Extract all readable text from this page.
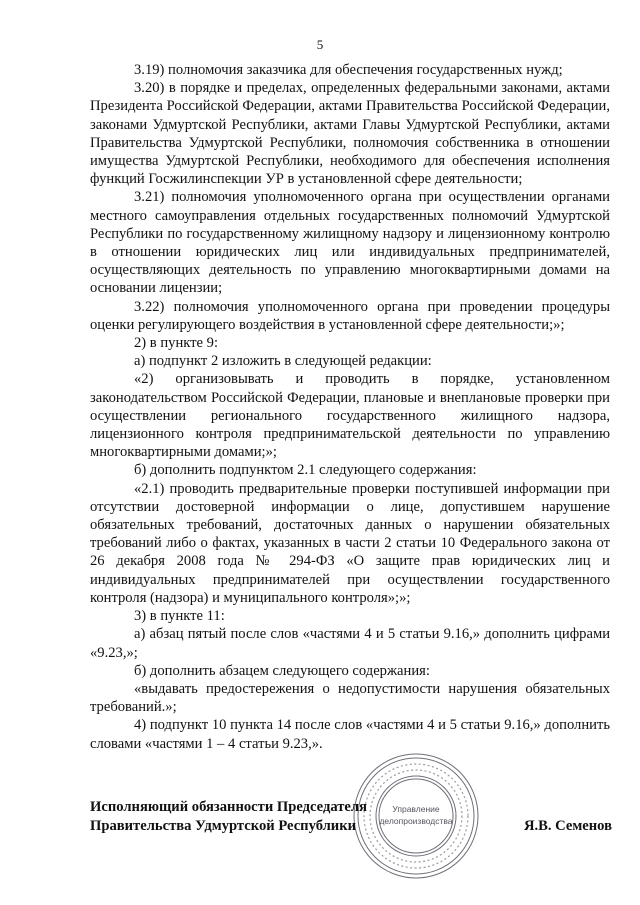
5

3.19) полномочия заказчика для обеспечения государственных нужд;

3.20) в порядке и пределах, определенных федеральными законами, актами Президента Российской Федерации, актами Правительства Российской Федерации, законами Удмуртской Республики, актами Главы Удмуртской Республики, актами Правительства Удмуртской Республики, полномочия собственника в отношении имущества Удмуртской Республики, необходимого для обеспечения исполнения функций Госжилинспекции УР в установленной сфере деятельности;

3.21) полномочия уполномоченного органа при осуществлении органами местного самоуправления отдельных государственных полномочий Удмуртской Республики по государственному жилищному надзору и лицензионному контролю в отношении юридических лиц или индивидуальных предпринимателей, осуществляющих деятельность по управлению многоквартирными домами на основании лицензии;

3.22) полномочия уполномоченного органа при проведении процедуры оценки регулирующего воздействия в установленной сфере деятельности;»;

2) в пункте 9:

а) подпункт 2 изложить в следующей редакции:

«2) организовывать и проводить в порядке, установленном законодательством Российской Федерации, плановые и внеплановые проверки при осуществлении регионального государственного жилищного надзора, лицензионного контроля предпринимательской деятельности по управлению многоквартирными домами;»;

б) дополнить подпунктом 2.1 следующего содержания:

«2.1) проводить предварительные проверки поступившей информации при отсутствии достоверной информации о лице, допустившем нарушение обязательных требований, достаточных данных о нарушении обязательных требований либо о фактах, указанных в части 2 статьи 10 Федерального закона от 26 декабря 2008 года № 294-ФЗ «О защите прав юридических лиц и индивидуальных предпринимателей при осуществлении государственного контроля (надзора) и муниципального контроля»;»;

3) в пункте 11:

а) абзац пятый после слов «частями 4 и 5 статьи 9.16,» дополнить цифрами «9.23,»;

б) дополнить абзацем следующего содержания:

«выдавать предостережения о недопустимости нарушения обязательных требований.»;

4) подпункт 10 пункта 14 после слов «частями 4 и 5 статьи 9.16,» дополнить словами «частями 1 – 4 статьи 9.23,».

Управление
делопроизводства
Исполняющий обязанности Председателя
Правительства Удмуртской Республики	Я.В. Семенов
